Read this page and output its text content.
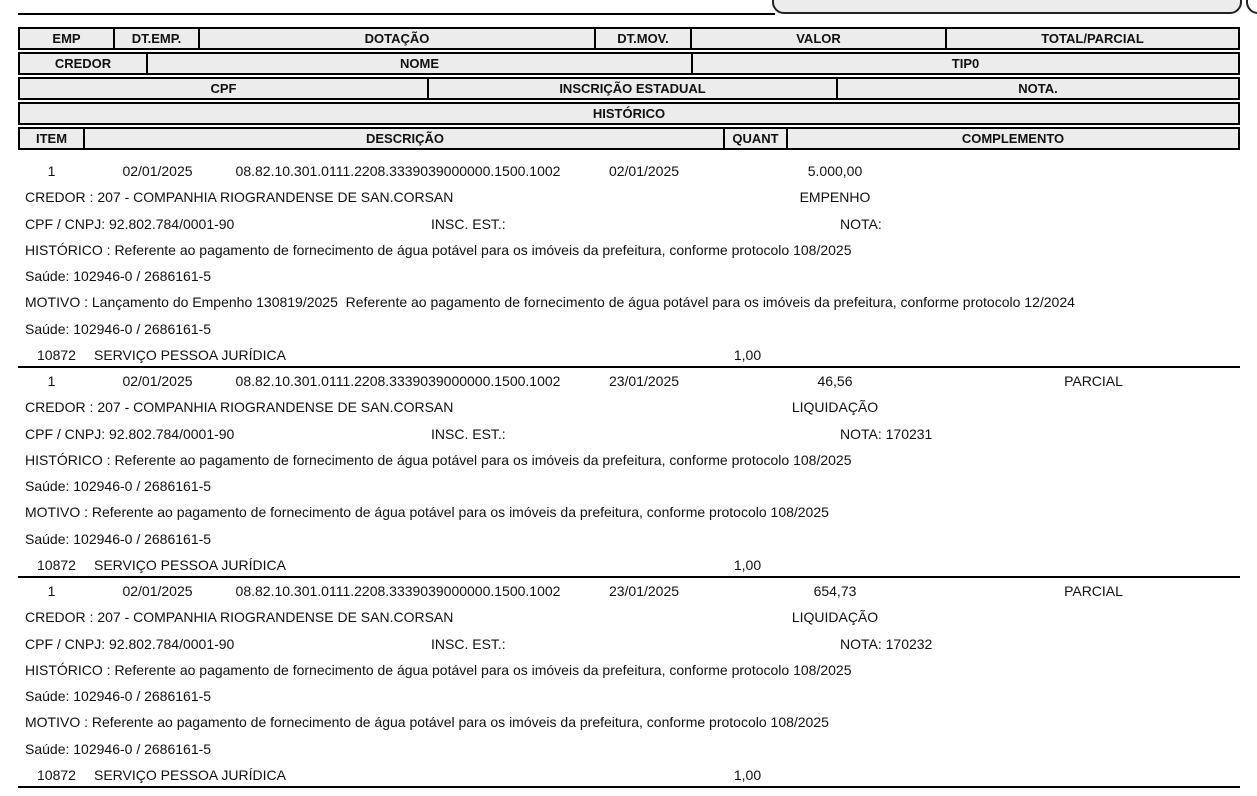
EMP	DT.EMP.	DOTAÇÃO	DT.MOV.	VALOR	TOTAL/PARCIAL
CREDOR	NOME	TIP0
CPF	INSCRIÇÃO ESTADUAL	NOTA.
HISTÓRICO
ITEM	DESCRIÇÃO	QUANT	COMPLEMENTO
1	02/01/2025	08.82.10.301.0111.2208.3339039000000.1500.1002	02/01/2025	5.000,00
CREDOR : 207 - COMPANHIA RIOGRANDENSE DE SAN.CORSAN	EMPENHO
CPF / CNPJ: 92.802.784/0001-90	INSC. EST.:	NOTA:
HISTÓRICO : Referente ao pagamento de fornecimento de água potável para os imóveis da prefeitura, conforme protocolo 108/2025
Saúde: 102946-0 / 2686161-5
MOTIVO : Lançamento do Empenho 130819/2025  Referente ao pagamento de fornecimento de água potável para os imóveis da prefeitura, conforme protocolo 12/2024
Saúde: 102946-0 / 2686161-5
10872 SERVIÇO PESSOA JURÍDICA	1,00
1	02/01/2025	08.82.10.301.0111.2208.3339039000000.1500.1002	23/01/2025	46,56	PARCIAL
CREDOR : 207 - COMPANHIA RIOGRANDENSE DE SAN.CORSAN	LIQUIDAÇÃO
CPF / CNPJ: 92.802.784/0001-90	INSC. EST.:	NOTA: 170231
HISTÓRICO : Referente ao pagamento de fornecimento de água potável para os imóveis da prefeitura, conforme protocolo 108/2025
Saúde: 102946-0 / 2686161-5
MOTIVO : Referente ao pagamento de fornecimento de água potável para os imóveis da prefeitura, conforme protocolo 108/2025
Saúde: 102946-0 / 2686161-5
10872 SERVIÇO PESSOA JURÍDICA	1,00
1	02/01/2025	08.82.10.301.0111.2208.3339039000000.1500.1002	23/01/2025	654,73	PARCIAL
CREDOR : 207 - COMPANHIA RIOGRANDENSE DE SAN.CORSAN	LIQUIDAÇÃO
CPF / CNPJ: 92.802.784/0001-90	INSC. EST.:	NOTA: 170232
HISTÓRICO : Referente ao pagamento de fornecimento de água potável para os imóveis da prefeitura, conforme protocolo 108/2025
Saúde: 102946-0 / 2686161-5
MOTIVO : Referente ao pagamento de fornecimento de água potável para os imóveis da prefeitura, conforme protocolo 108/2025
Saúde: 102946-0 / 2686161-5
10872 SERVIÇO PESSOA JURÍDICA	1,00
